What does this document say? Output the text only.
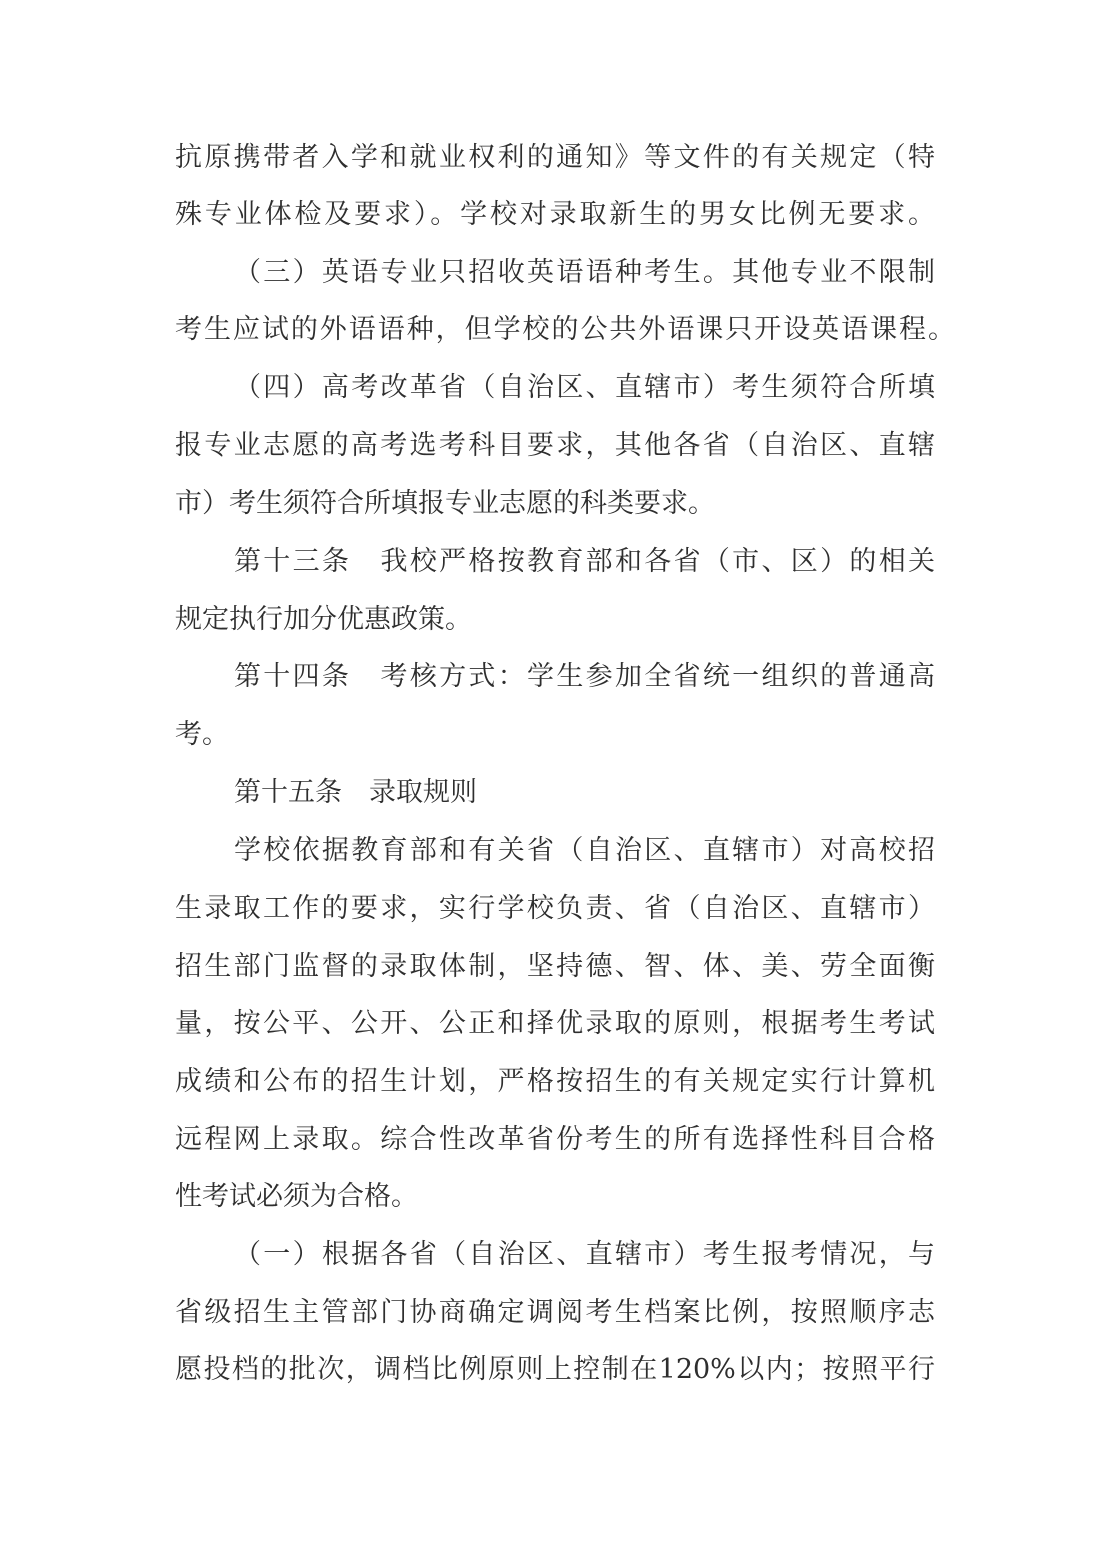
抗原携带者入学和就业权利的通知》等文件的有关规定（特
殊专业体检及要求）。学校对录取新生的男女比例无要求。
（三）英语专业只招收英语语种考生。其他专业不限制
考生应试的外语语种，但学校的公共外语课只开设英语课程。
（四）高考改革省（自治区、直辖市）考生须符合所填
报专业志愿的高考选考科目要求，其他各省（自治区、直辖
市）考生须符合所填报专业志愿的科类要求。
第十三条　我校严格按教育部和各省（市、区）的相关
规定执行加分优惠政策。
第十四条　考核方式：学生参加全省统一组织的普通高
考。
第十五条　录取规则
学校依据教育部和有关省（自治区、直辖市）对高校招
生录取工作的要求，实行学校负责、省（自治区、直辖市）
招生部门监督的录取体制，坚持德、智、体、美、劳全面衡
量，按公平、公开、公正和择优录取的原则，根据考生考试
成绩和公布的招生计划，严格按招生的有关规定实行计算机
远程网上录取。综合性改革省份考生的所有选择性科目合格
性考试必须为合格。
（一）根据各省（自治区、直辖市）考生报考情况，与
省级招生主管部门协商确定调阅考生档案比例，按照顺序志
愿投档的批次，调档比例原则上控制在120%以内；按照平行
